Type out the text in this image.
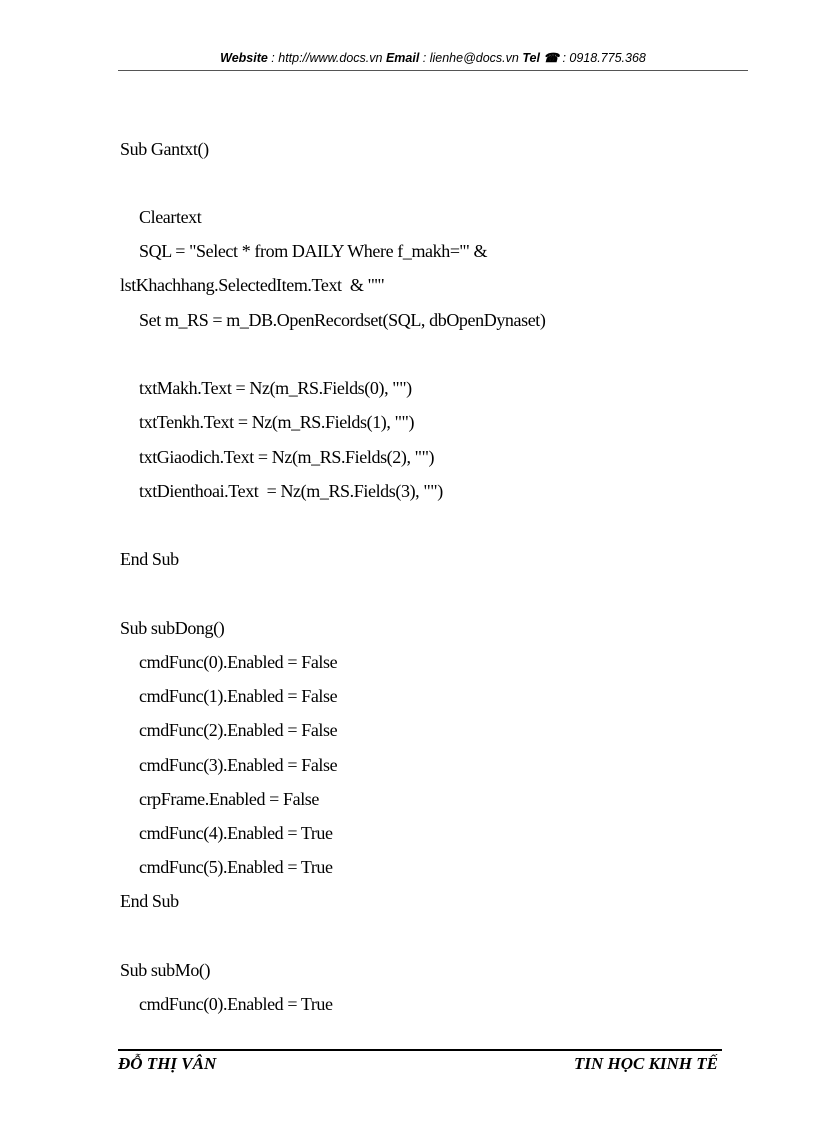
Website : http://www.docs.vn Email : lienhe@docs.vn Tel ☎ : 0918.775.368
Sub Gantxt()
Cleartext
SQL = "Select * from DAILY Where f_makh='" &
lstKhachhang.SelectedItem.Text  & "'"
Set m_RS = m_DB.OpenRecordset(SQL, dbOpenDynaset)
txtMakh.Text = Nz(m_RS.Fields(0), "")
txtTenkh.Text = Nz(m_RS.Fields(1), "")
txtGiaodich.Text = Nz(m_RS.Fields(2), "")
txtDienthoai.Text  = Nz(m_RS.Fields(3), "")
End Sub
Sub subDong()
cmdFunc(0).Enabled = False
cmdFunc(1).Enabled = False
cmdFunc(2).Enabled = False
cmdFunc(3).Enabled = False
crpFrame.Enabled = False
cmdFunc(4).Enabled = True
cmdFunc(5).Enabled = True
End Sub
Sub subMo()
cmdFunc(0).Enabled = True
ĐỖ THỊ VÂN	TIN HỌC KINH TẾ
